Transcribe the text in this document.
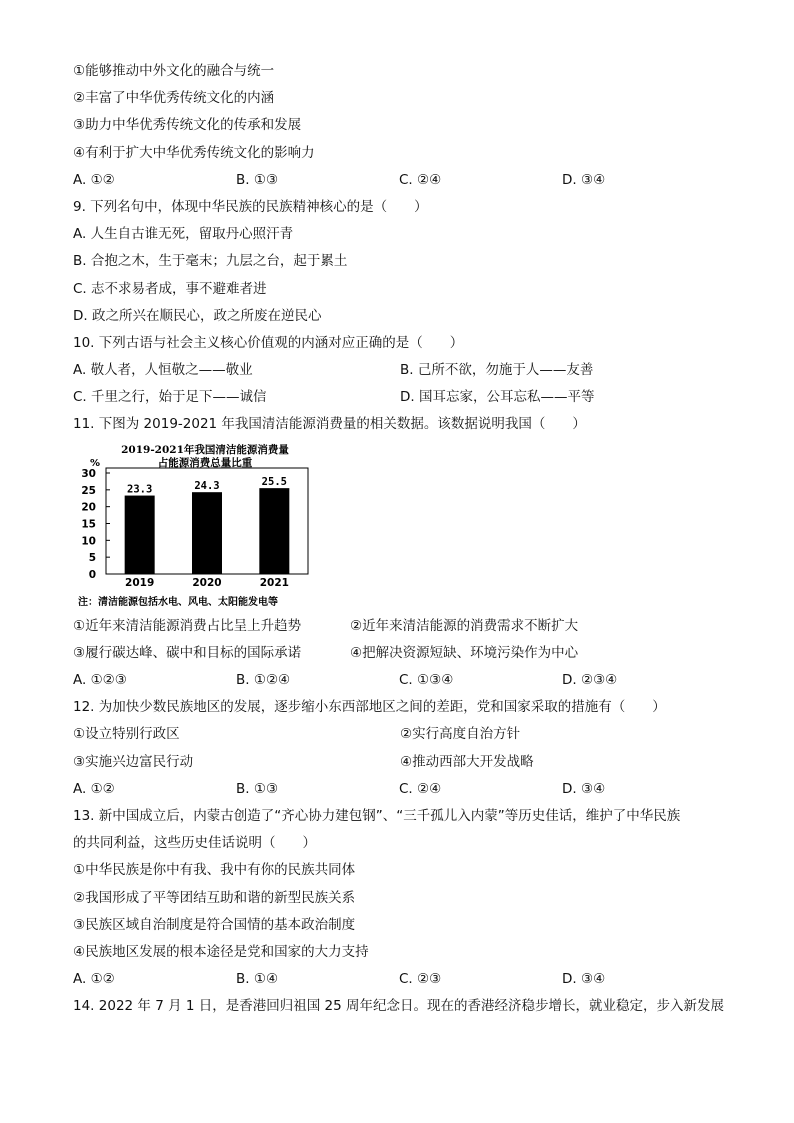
①能够推动中外文化的融合与统一
②丰富了中华优秀传统文化的内涵
③助力中华优秀传统文化的传承和发展
④有利于扩大中华优秀传统文化的影响力
A. ①②	B. ①③	C. ②④	D. ③④
9. 下列名句中，体现中华民族的民族精神核心的是（　　）
A. 人生自古谁无死，留取丹心照汗青
B. 合抱之木，生于毫末；九层之台，起于累土
C. 志不求易者成，事不避难者进
D. 政之所兴在顺民心，政之所废在逆民心
10. 下列古语与社会主义核心价值观的内涵对应正确的是（　　）
A. 敬人者，人恒敬之——敬业	B. 己所不欲，勿施于人——友善
C. 千里之行，始于足下——诚信	D. 国耳忘家，公耳忘私——平等
11. 下图为 2019-2021 年我国清洁能源消费量的相关数据。该数据说明我国（　　）
2019-2021年我国清洁能源消费量
占能源消费总量比重
%
0
5
10
15
20
25
30
23.3
2019
24.3
2020
25.5
2021
注：清洁能源包括水电、风电、太阳能发电等
①近年来清洁能源消费占比呈上升趋势	②近年来清洁能源的消费需求不断扩大
③履行碳达峰、碳中和目标的国际承诺	④把解决资源短缺、环境污染作为中心
A. ①②③	B. ①②④	C. ①③④	D. ②③④
12. 为加快少数民族地区的发展，逐步缩小东西部地区之间的差距，党和国家采取的措施有（　　）
①设立特别行政区	②实行高度自治方针
③实施兴边富民行动	④推动西部大开发战略
A. ①②	B. ①③	C. ②④	D. ③④
13. 新中国成立后，内蒙古创造了“齐心协力建包钢”、“三千孤儿入内蒙”等历史佳话，维护了中华民族
的共同利益，这些历史佳话说明（　　）
①中华民族是你中有我、我中有你的民族共同体
②我国形成了平等团结互助和谐的新型民族关系
③民族区域自治制度是符合国情的基本政治制度
④民族地区发展的根本途径是党和国家的大力支持
A. ①②	B. ①④	C. ②③	D. ③④
14. 2022 年 7 月 1 日，是香港回归祖国 25 周年纪念日。现在的香港经济稳步增长，就业稳定，步入新发展
